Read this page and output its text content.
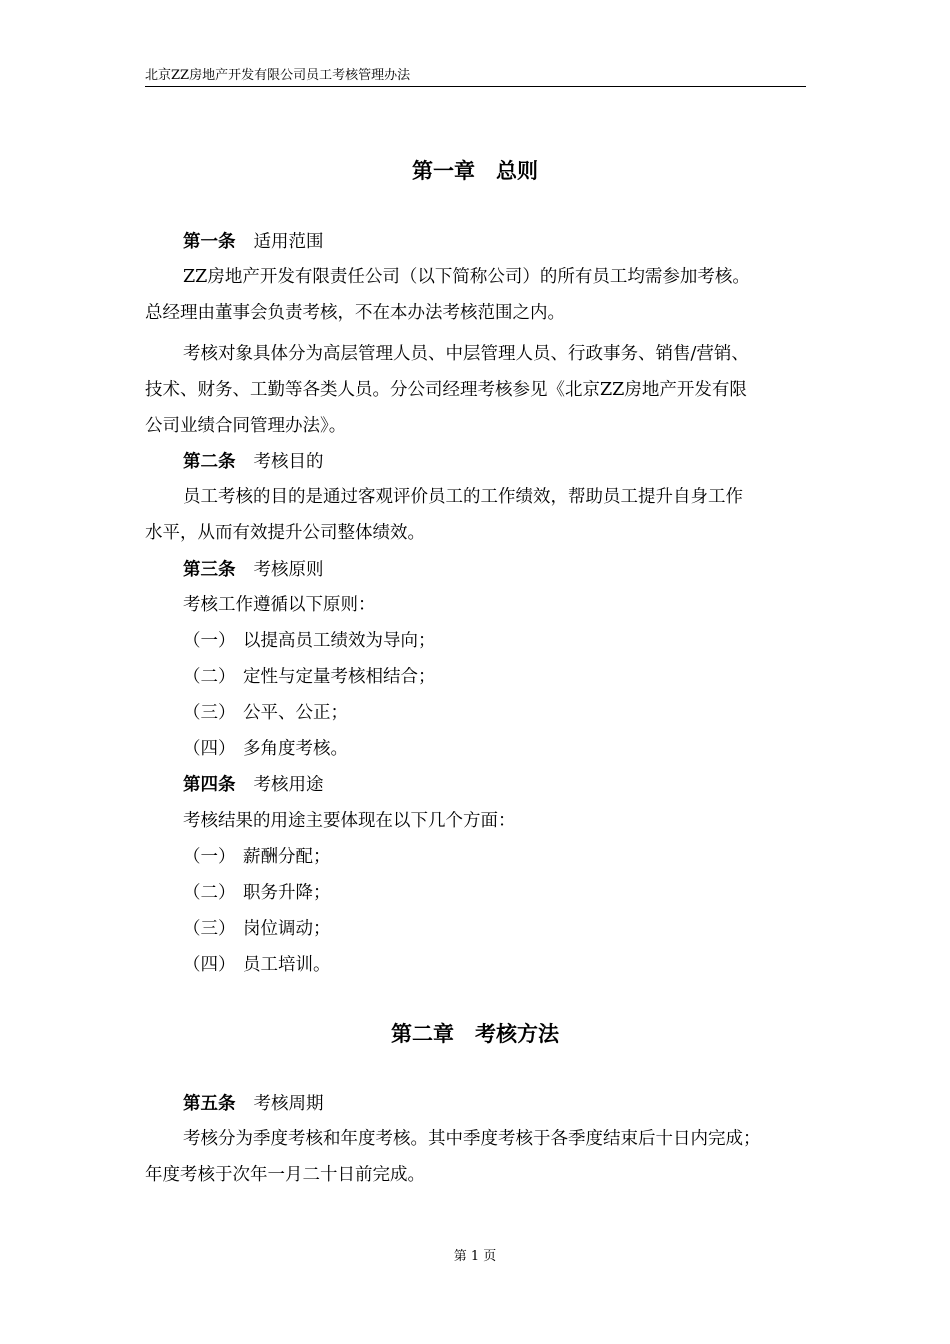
北京ZZ房地产开发有限公司员工考核管理办法
第一章　总则
第一条 适用范围
ZZ房地产开发有限责任公司（以下简称公司）的所有员工均需参加考核。
总经理由董事会负责考核，不在本办法考核范围之内。
考核对象具体分为高层管理人员、中层管理人员、行政事务、销售/营销、
技术、财务、工勤等各类人员。分公司经理考核参见《北京ZZ房地产开发有限
公司业绩合同管理办法》。
第二条 考核目的
员工考核的目的是通过客观评价员工的工作绩效，帮助员工提升自身工作
水平，从而有效提升公司整体绩效。
第三条 考核原则
考核工作遵循以下原则：
（一） 以提高员工绩效为导向；
（二） 定性与定量考核相结合；
（三） 公平、公正；
（四） 多角度考核。
第四条 考核用途
考核结果的用途主要体现在以下几个方面：
（一） 薪酬分配；
（二） 职务升降；
（三） 岗位调动；
（四） 员工培训。
第二章　考核方法
第五条 考核周期
考核分为季度考核和年度考核。其中季度考核于各季度结束后十日内完成；
年度考核于次年一月二十日前完成。
第 1 页
